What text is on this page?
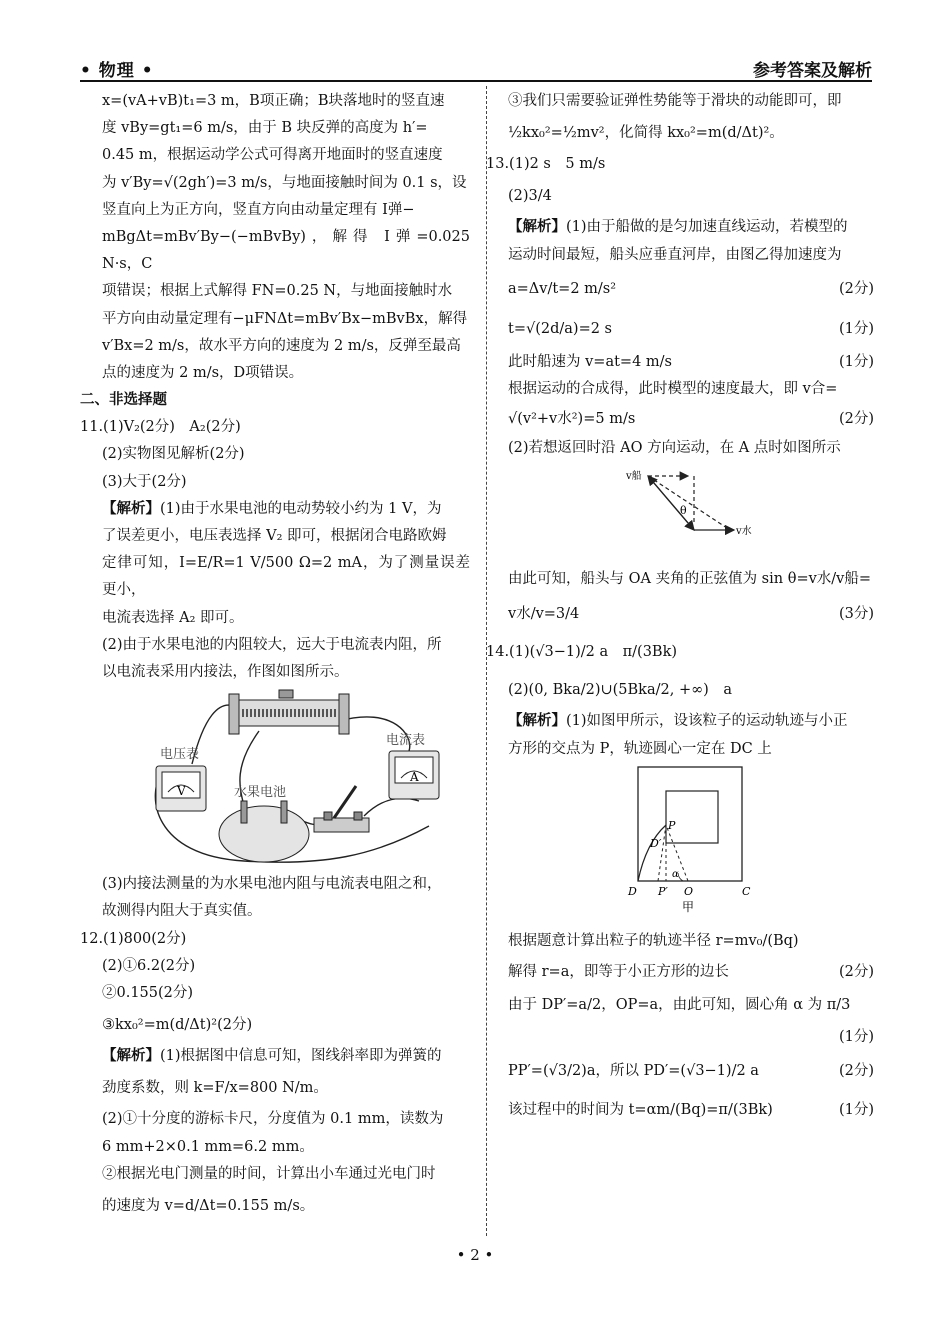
• 物理 •	参考答案及解析

x=(vA+vB)t₁=3 m，B项正确；B块落地时的竖直速

度 vBy=gt₁=6 m/s，由于 B 块反弹的高度为 h′=

0.45 m，根据运动学公式可得离开地面时的竖直速度

为 v′By=√(2gh′)=3 m/s，与地面接触时间为 0.1 s，设

竖直向上为正方向，竖直方向由动量定理有 I弹−

mBgΔt=mBv′By−(−mBvBy)，解得 I弹=0.025 N·s，C

项错误；根据上式解得 FN=0.25 N，与地面接触时水

平方向由动量定理有−μFNΔt=mBv′Bx−mBvBx，解得

v′Bx=2 m/s，故水平方向的速度为 2 m/s，反弹至最高

点的速度为 2 m/s，D项错误。

二、非选择题

11.(1)V₂(2分)　A₂(2分)

(2)实物图见解析(2分)

(3)大于(2分)

【解析】(1)由于水果电池的电动势较小约为 1 V，为

了误差更小，电压表选择 V₂ 即可，根据闭合电路欧姆

定律可知，I=E/R=1 V/500 Ω=2 mA，为了测量误差更小，

电流表选择 A₂ 即可。

(2)由于水果电池的内阻较大，远大于电流表内阻，所

以电流表采用内接法，作图如图所示。

V
电压表
A
电流表
水果电池

(3)内接法测量的为水果电池内阻与电流表电阻之和，

故测得内阻大于真实值。

12.(1)800(2分)

(2)①6.2(2分)

②0.155(2分)

③kx₀²=m(d/Δt)²(2分)

【解析】(1)根据图中信息可知，图线斜率即为弹簧的

劲度系数，则 k=F/x=800 N/m。

(2)①十分度的游标卡尺，分度值为 0.1 mm，读数为

6 mm+2×0.1 mm=6.2 mm。

②根据光电门测量的时间，计算出小车通过光电门时

的速度为 v=d/Δt=0.155 m/s。

③我们只需要验证弹性势能等于滑块的动能即可，即

½kx₀²=½mv²，化简得 kx₀²=m(d/Δt)²。

13.(1)2 s　5 m/s

(2)3/4

【解析】(1)由于船做的是匀加速直线运动，若模型的

运动时间最短，船头应垂直河岸，由图乙得加速度为

a=Δv/t=2 m/s²	(2分)
t=√(2d/a)=2 s	(1分)
此时船速为 v=at=4 m/s	(1分)

根据运动的合成得，此时模型的速度最大，即 v合=

√(v²+v水²)=5 m/s	(2分)

(2)若想返回时沿 AO 方向运动，在 A 点时如图所示

v船
v水
θ

由此可知，船头与 OA 夹角的正弦值为 sin θ=v水/v船=

v水/v=3/4	(3分)

14.(1)(√3−1)/2 a　π/(3Bk)

(2)(0, Bka/2)∪(5Bka/2, +∞)　a

【解析】(1)如图甲所示，设该粒子的运动轨迹与小正

方形的交点为 P，轨迹圆心一定在 DC 上

P
D′
D P′ O	C
α
甲

根据题意计算出粒子的轨迹半径 r=mv₀/(Bq)

解得 r=a，即等于小正方形的边长	(2分)

由于 DP′=a/2，OP=a，由此可知，圆心角 α 为 π/3

(1分)
PP′=(√3/2)a，所以 PD′=(√3−1)/2 a	(2分)
该过程中的时间为 t=αm/(Bq)=π/(3Bk)	(1分)
• 2 •
